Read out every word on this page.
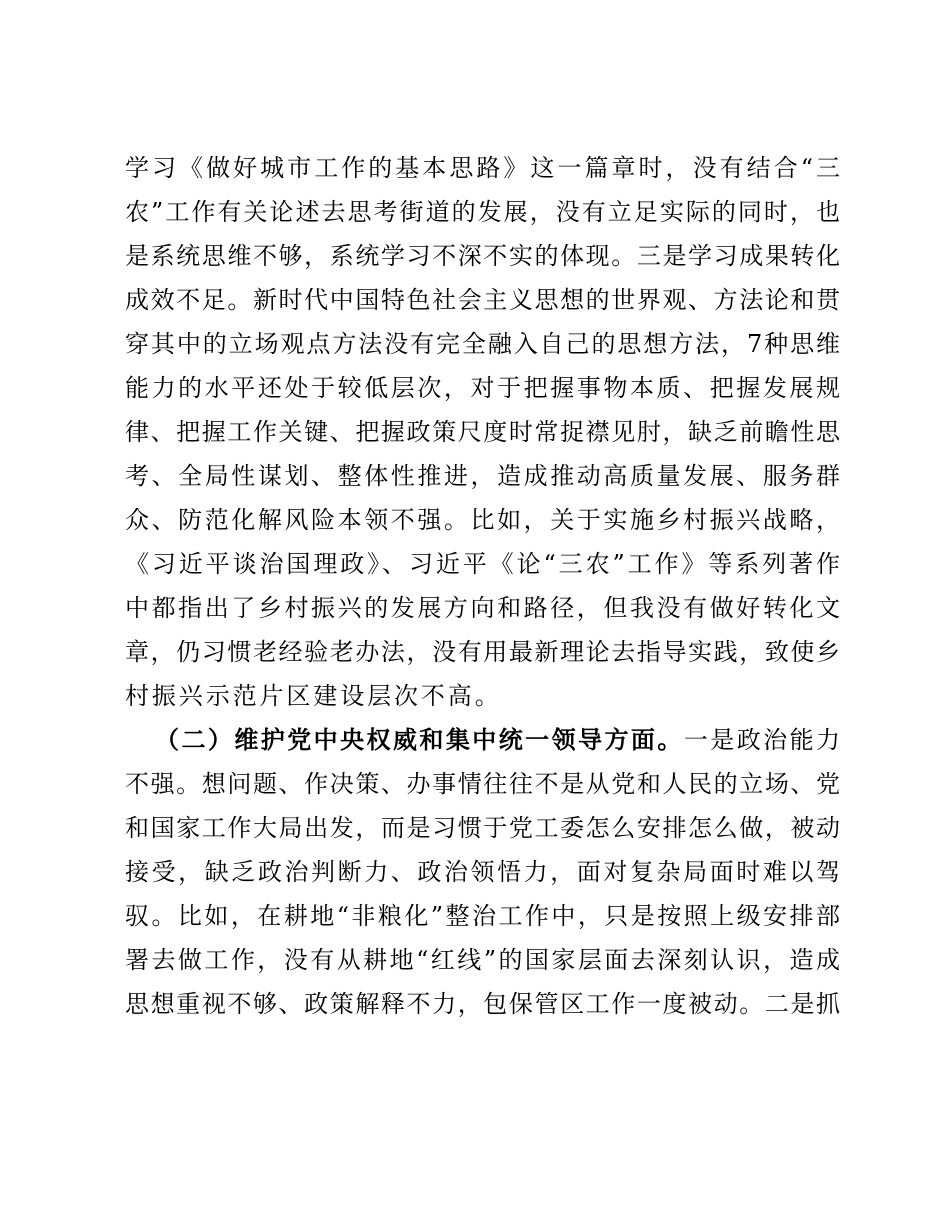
学习《做好城市工作的基本思路》这一篇章时，没有结合“三
农”工作有关论述去思考街道的发展，没有立足实际的同时，也
是系统思维不够，系统学习不深不实的体现。三是学习成果转化
成效不足。新时代中国特色社会主义思想的世界观、方法论和贯
穿其中的立场观点方法没有完全融入自己的思想方法，7种思维
能力的水平还处于较低层次，对于把握事物本质、把握发展规
律、把握工作关键、把握政策尺度时常捉襟见肘，缺乏前瞻性思
考、全局性谋划、整体性推进，造成推动高质量发展、服务群
众、防范化解风险本领不强。比如，关于实施乡村振兴战略，
《习近平谈治国理政》、习近平《论“三农”工作》等系列著作
中都指出了乡村振兴的发展方向和路径，但我没有做好转化文
章，仍习惯老经验老办法，没有用最新理论去指导实践，致使乡
村振兴示范片区建设层次不高。
（二）维护党中央权威和集中统一领导方面。一是政治能力
不强。想问题、作决策、办事情往往不是从党和人民的立场、党
和国家工作大局出发，而是习惯于党工委怎么安排怎么做，被动
接受，缺乏政治判断力、政治领悟力，面对复杂局面时难以驾
驭。比如，在耕地“非粮化”整治工作中，只是按照上级安排部
署去做工作，没有从耕地“红线”的国家层面去深刻认识，造成
思想重视不够、政策解释不力，包保管区工作一度被动。二是抓
